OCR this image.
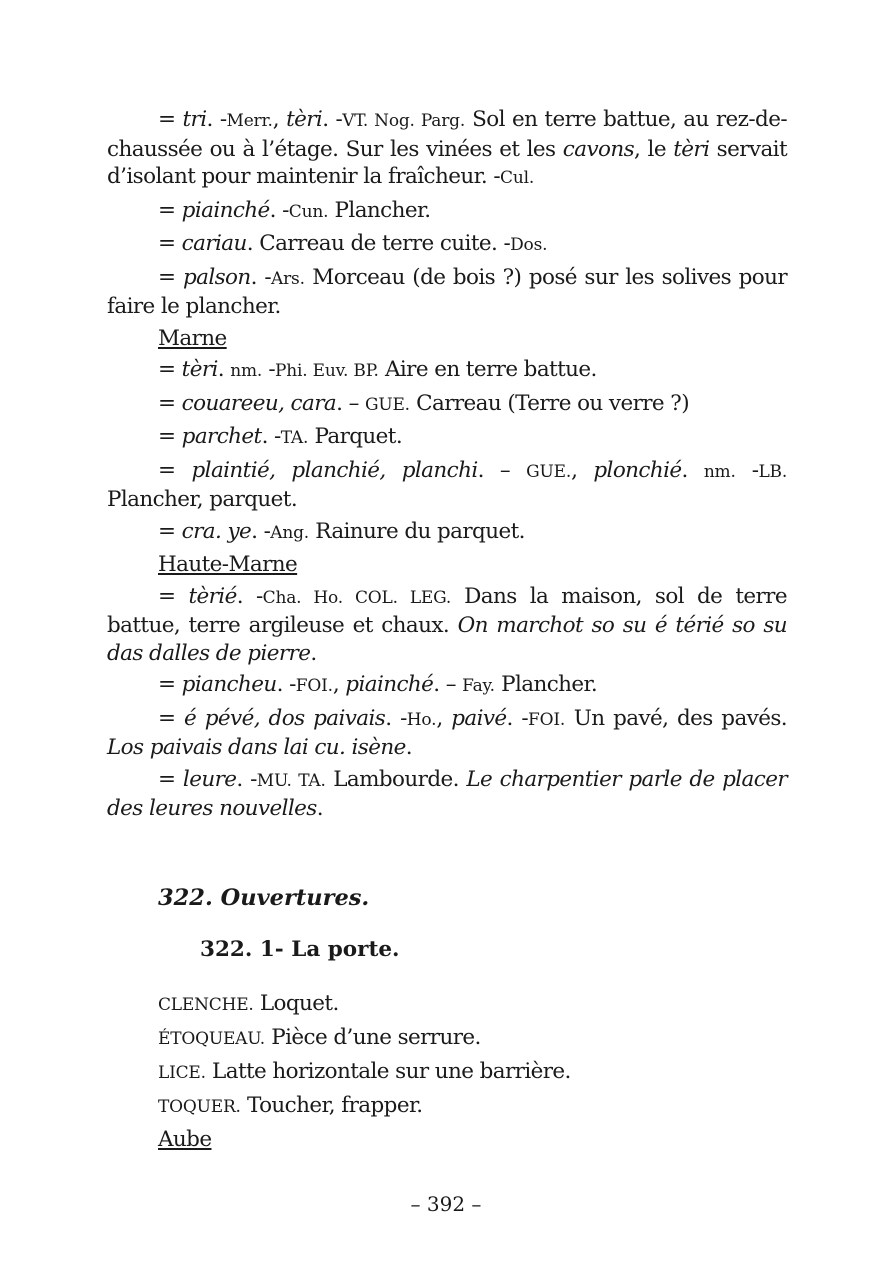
= tri. -Merr., tèri. -VT. Nog. Parg. Sol en terre battue, au rez-de-chaussée ou à l’étage. Sur les vinées et les cavons, le tèri servait d’isolant pour maintenir la fraîcheur. -Cul.

= piainché. -Cun. Plancher.

= cariau. Carreau de terre cuite. -Dos.

= palson. -Ars. Morceau (de bois ?) posé sur les solives pour faire le plancher.

Marne

= tèri. nm. -Phi. Euv. BP. Aire en terre battue.

= couareeu, cara. – GUE. Carreau (Terre ou verre ?)

= parchet. -TA. Parquet.

= plaintié, planchié, planchi. – GUE., plonchié. nm. -LB. Plancher, parquet.

= cra. ye. -Ang. Rainure du parquet.

Haute-Marne

= tèrié. -Cha. Ho. COL. LEG. Dans la maison, sol de terre battue, terre argileuse et chaux. On marchot so su é térié so su das dalles de pierre.

= piancheu. -FOI., piainché. – Fay. Plancher.

= é pévé, dos paivais. -Ho., paivé. -FOI. Un pavé, des pavés. Los paivais dans lai cu. isène.

= leure. -MU. TA. Lambourde. Le charpentier parle de placer des leures nouvelles.

322. Ouvertures.
322. 1- La porte.
CLENCHE. Loquet.
ÉTOQUEAU. Pièce d’une serrure.
LICE. Latte horizontale sur une barrière.
TOQUER. Toucher, frapper.
Aube
– 392 –
